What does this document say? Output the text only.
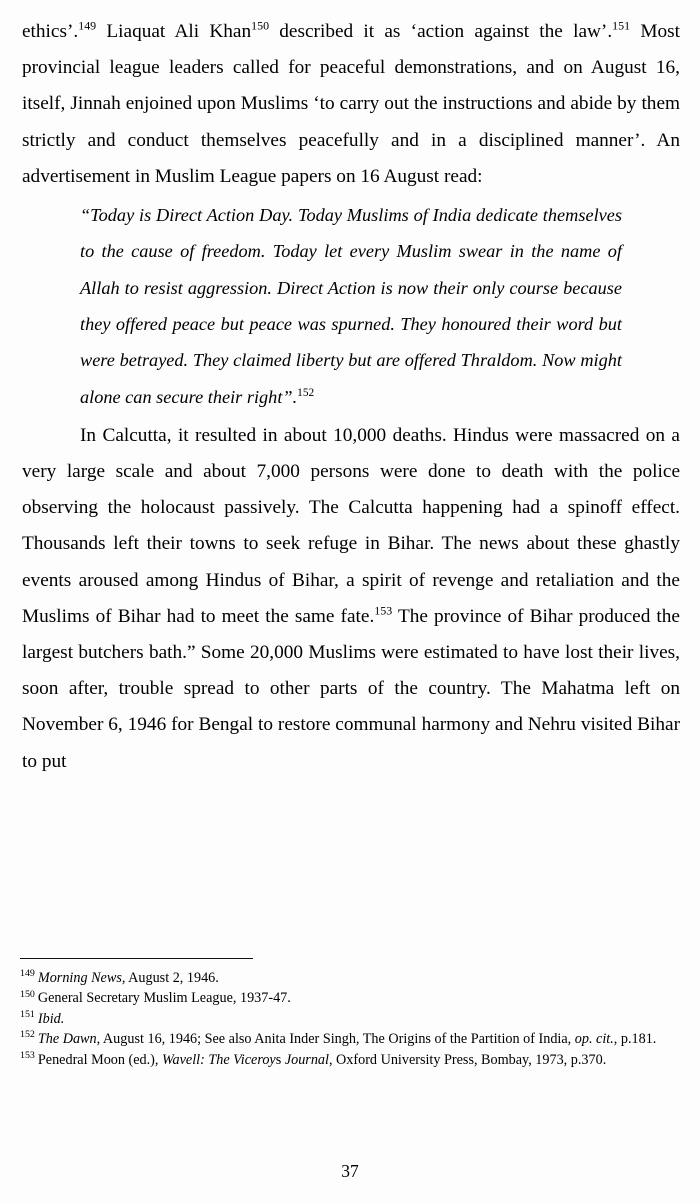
ethics’.$^{149}$ Liaquat Ali Khan$^{150}$ described it as ‘action against the law’.$^{151}$ Most provincial league leaders called for peaceful demonstrations, and on August 16, itself, Jinnah enjoined upon Muslims ‘to carry out the instructions and abide by them strictly and conduct themselves peacefully and in a disciplined manner’. An advertisement in Muslim League papers on 16 August read:

“Today is Direct Action Day. Today Muslims of India dedicate themselves to the cause of freedom. Today let every Muslim swear in the name of Allah to resist aggression. Direct Action is now their only course because they offered peace but peace was spurned. They honoured their word but were betrayed. They claimed liberty but are offered Thraldom. Now might alone can secure their right”.$^{152}$

In Calcutta, it resulted in about 10,000 deaths. Hindus were massacred on a very large scale and about 7,000 persons were done to death with the police observing the holocaust passively. The Calcutta happening had a spinoff effect. Thousands left their towns to seek refuge in Bihar. The news about these ghastly events aroused among Hindus of Bihar, a spirit of revenge and retaliation and the Muslims of Bihar had to meet the same fate.$^{153}$ The province of Bihar produced the largest butchers bath.” Some 20,000 Muslims were estimated to have lost their lives, soon after, trouble spread to other parts of the country. The Mahatma left on November 6, 1946 for Bengal to restore communal harmony and Nehru visited Bihar to put

$^{149}$ Morning News, August 2, 1946.

$^{150}$ General Secretary Muslim League, 1937-47.

$^{151}$ Ibid.

$^{152}$ The Dawn, August 16, 1946; See also Anita Inder Singh, The Origins of the Partition of India, op. cit., p.181.

$^{153}$ Penedral Moon (ed.), Wavell: The Viceroys Journal, Oxford University Press, Bombay, 1973, p.370.

37
